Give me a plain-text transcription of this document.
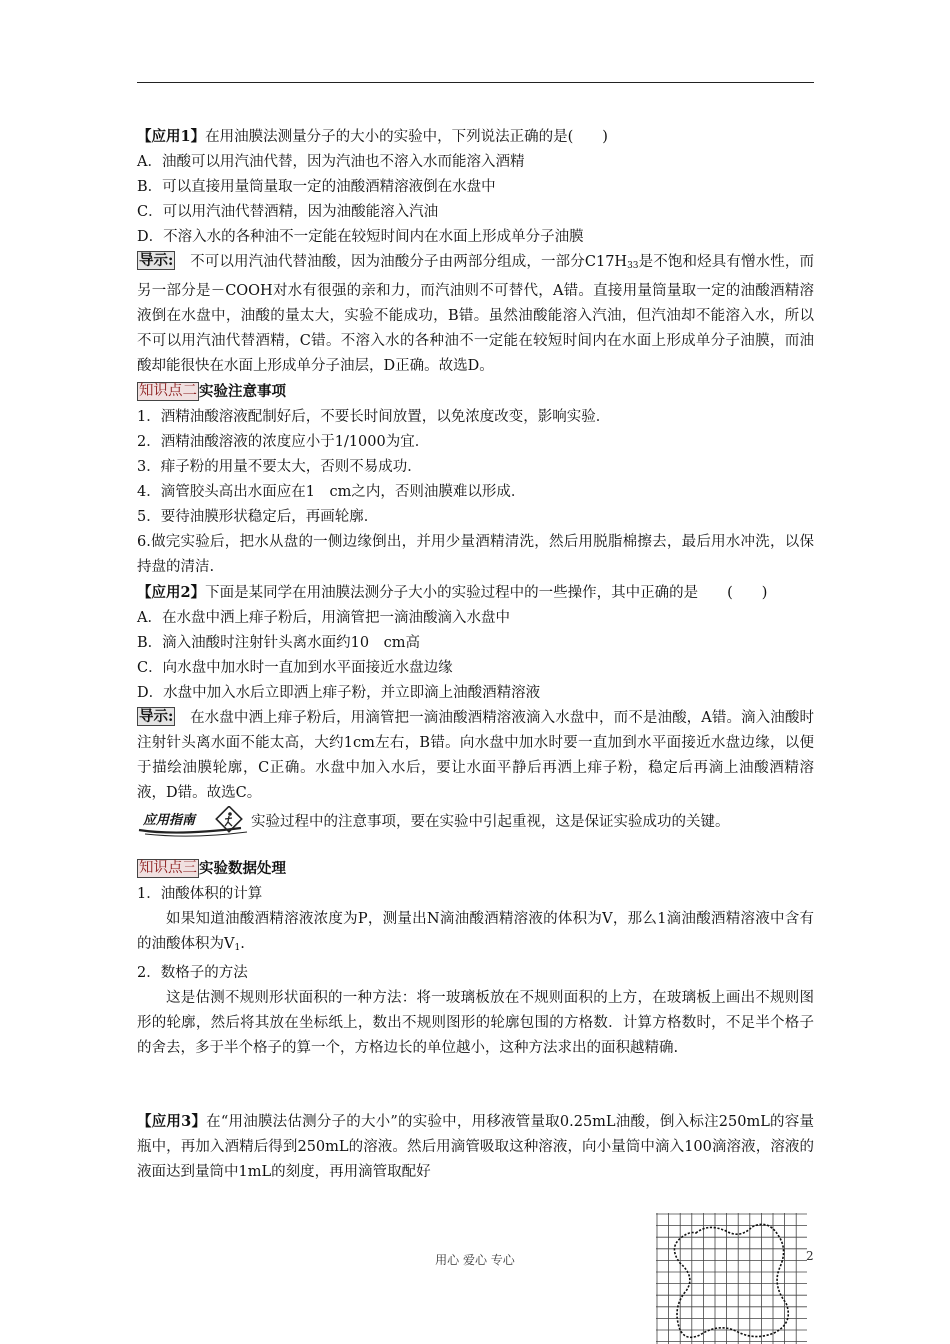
【应用1】在用油膜法测量分子的大小的实验中，下列说法正确的是(　　)
A．油酸可以用汽油代替，因为汽油也不溶入水而能溶入酒精
B．可以直接用量筒量取一定的油酸酒精溶液倒在水盘中
C．可以用汽油代替酒精，因为油酸能溶入汽油
D．不溶入水的各种油不一定能在较短时间内在水面上形成单分子油膜
导示:　不可以用汽油代替油酸，因为油酸分子由两部分组成，一部分$C17H_{33}$是不饱和烃具有憎水性，而另一部分是－COOH对水有很强的亲和力，而汽油则不可替代，A错。直接用量筒量取一定的油酸酒精溶液倒在水盘中，油酸的量太大，实验不能成功，B错。虽然油酸能溶入汽油，但汽油却不能溶入水，所以不可以用汽油代替酒精，C错。不溶入水的各种油不一定能在较短时间内在水面上形成单分子油膜，而油酸却能很快在水面上形成单分子油层，D正确。故选D。
知识点二 实验注意事项
1．酒精油酸溶液配制好后，不要长时间放置，以免浓度改变，影响实验．
2．酒精油酸溶液的浓度应小于1/1000为宜．
3．痱子粉的用量不要太大，否则不易成功．
4．滴管胶头高出水面应在1　cm之内，否则油膜难以形成．
5．要待油膜形状稳定后，再画轮廓．
6.做完实验后，把水从盘的一侧边缘倒出，并用少量酒精清洗，然后用脱脂棉擦去，最后用水冲洗，以保持盘的清洁.
【应用2】下面是某同学在用油膜法测分子大小的实验过程中的一些操作，其中正确的是　　(　　)
A．在水盘中洒上痱子粉后，用滴管把一滴油酸滴入水盘中
B．滴入油酸时注射针头离水面约10　cm高
C．向水盘中加水时一直加到水平面接近水盘边缘
D．水盘中加入水后立即洒上痱子粉，并立即滴上油酸酒精溶液
导示:　在水盘中洒上痱子粉后，用滴管把一滴油酸酒精溶液滴入水盘中，而不是油酸，A错。滴入油酸时注射针头离水面不能太高，大约1cm左右，B错。向水盘中加水时要一直加到水平面接近水盘边缘，以便于描绘油膜轮廓，C正确。水盘中加入水后，要让水面平静后再洒上痱子粉，稳定后再滴上油酸酒精溶液，D错。故选C。
应用指南	实验过程中的注意事项，要在实验中引起重视，这是保证实验成功的关键。
知识点三 实验数据处理
1．油酸体积的计算
如果知道油酸酒精溶液浓度为P，测量出N滴油酸酒精溶液的体积为V，那么1滴油酸酒精溶液中含有的油酸体积为$V_1$.
2．数格子的方法
这是估测不规则形状面积的一种方法：将一玻璃板放在不规则面积的上方，在玻璃板上画出不规则图形的轮廓，然后将其放在坐标纸上，数出不规则图形的轮廓包围的方格数．计算方格数时，不足半个格子的舍去，多于半个格子的算一个，方格边长的单位越小，这种方法求出的面积越精确.
【应用3】在“用油膜法估测分子的大小”的实验中，用移液管量取0.25mL油酸，倒入标注250mL的容量瓶中，再加入酒精后得到250mL的溶液。然后用滴管吸取这种溶液，向小量筒中滴入100滴溶液，溶液的液面达到量筒中1mL的刻度，再用滴管取配好
用心 爱心 专心	2
